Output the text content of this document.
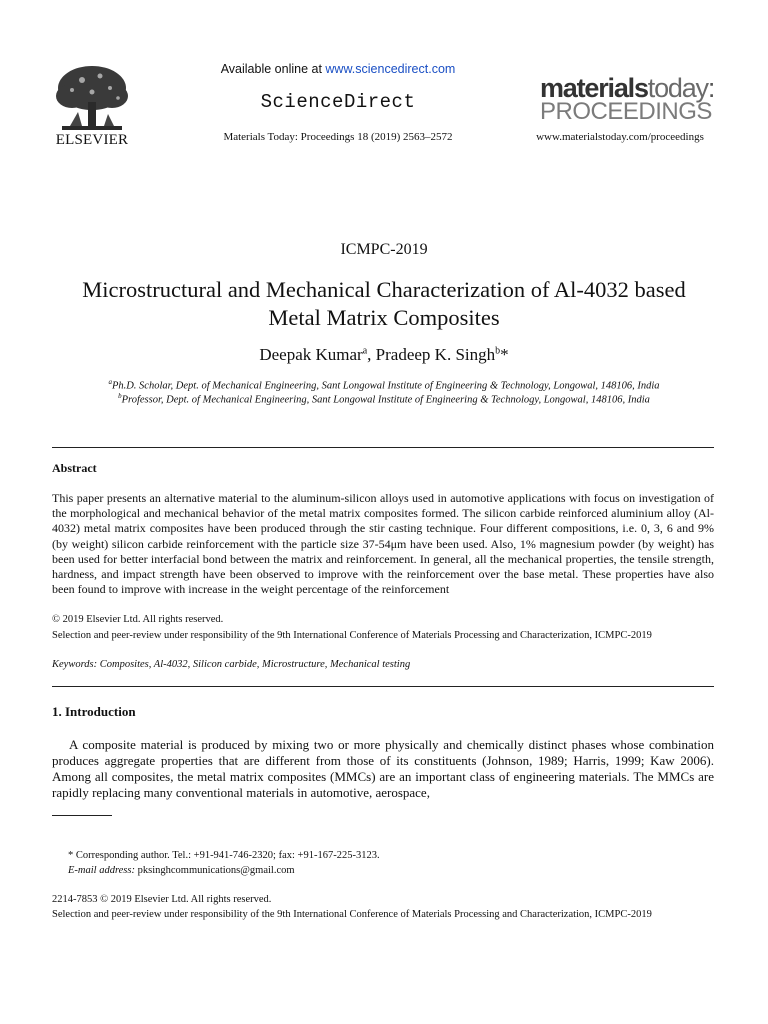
ELSEVIER
Available online at www.sciencedirect.com
ScienceDirect
Materials Today: Proceedings 18 (2019) 2563–2572
materialstoday:
PROCEEDINGS
www.materialstoday.com/proceedings
ICMPC-2019
Microstructural and Mechanical Characterization of Al-4032 based
Metal Matrix Composites
Deepak Kumar$^a$, Pradeep K. Singh$^b$*
$^a$Ph.D. Scholar, Dept. of Mechanical Engineering, Sant Longowal Institute of Engineering & Technology, Longowal, 148106, India
$^b$Professor, Dept. of Mechanical Engineering, Sant Longowal Institute of Engineering & Technology, Longowal, 148106, India
Abstract
This paper presents an alternative material to the aluminum-silicon alloys used in automotive applications with focus on investigation of the morphological and mechanical behavior of the metal matrix composites formed. The silicon carbide reinforced aluminium alloy (Al-4032) metal matrix composites have been produced through the stir casting technique. Four different compositions, i.e. 0, 3, 6 and 9% (by weight) silicon carbide reinforcement with the particle size 37-54μm have been used. Also, 1% magnesium powder (by weight) has been used for better interfacial bond between the matrix and reinforcement. In general, all the mechanical properties, the tensile strength, hardness, and impact strength have been observed to improve with the reinforcement over the base metal. These properties have also been found to improve with increase in the weight percentage of the reinforcement
© 2019 Elsevier Ltd. All rights reserved.
Selection and peer-review under responsibility of the 9th International Conference of Materials Processing and Characterization, ICMPC-2019
Keywords: Composites, Al-4032, Silicon carbide, Microstructure, Mechanical testing
1. Introduction
A composite material is produced by mixing two or more physically and chemically distinct phases whose combination produces aggregate properties that are different from those of its constituents (Johnson, 1989; Harris, 1999; Kaw 2006). Among all composites, the metal matrix composites (MMCs) are an important class of engineering materials. The MMCs are rapidly replacing many conventional materials in automotive, aerospace,
* Corresponding author. Tel.: +91-941-746-2320; fax: +91-167-225-3123.
E-mail address: pksinghcommunications@gmail.com
2214-7853 © 2019 Elsevier Ltd. All rights reserved.
Selection and peer-review under responsibility of the 9th International Conference of Materials Processing and Characterization, ICMPC-2019
